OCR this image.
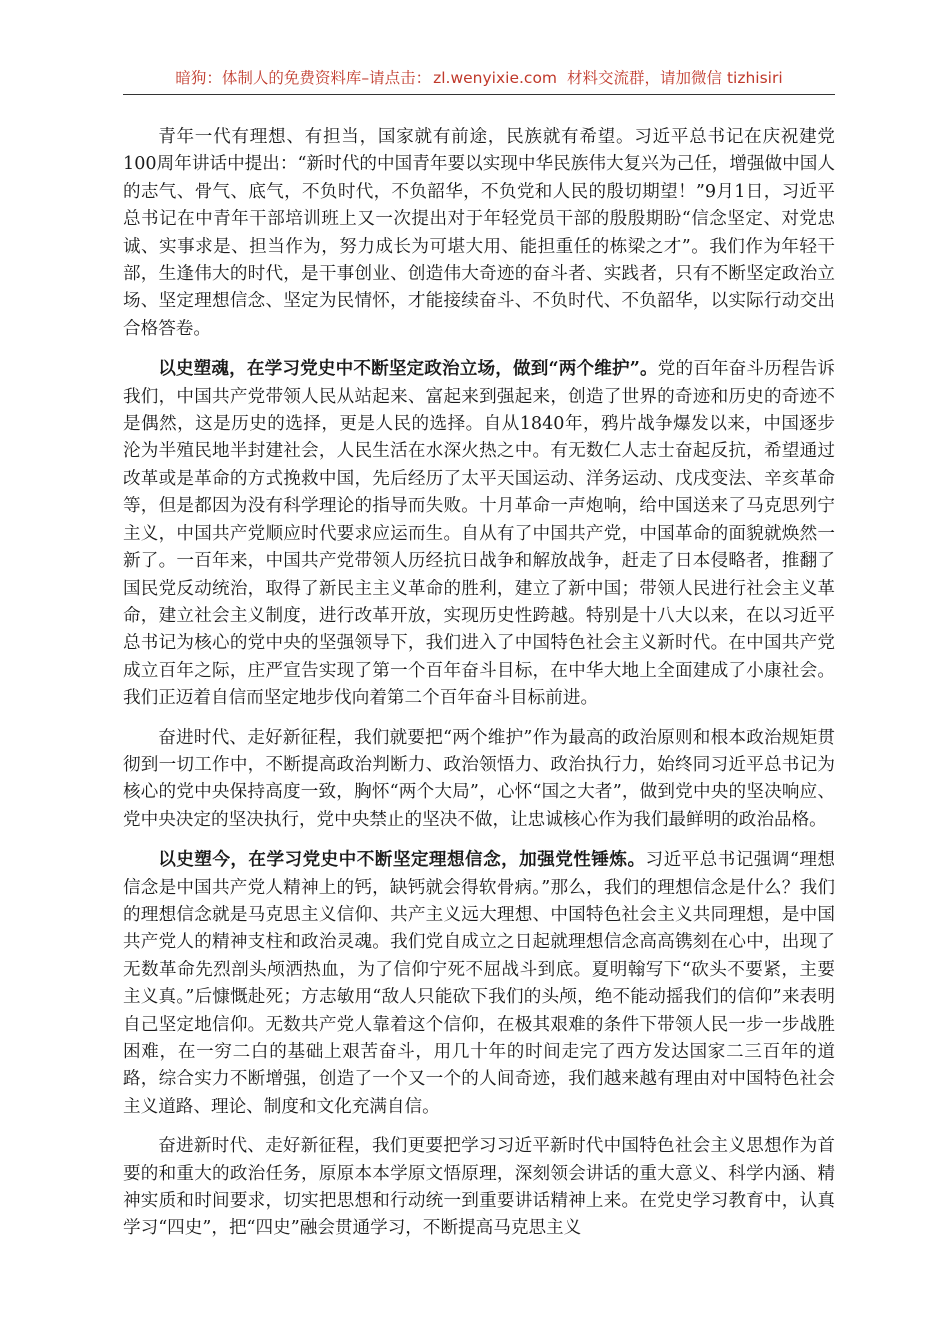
暗狗：体制人的免费资料库–请点击： zl.wenyixie.com 材料交流群，请加微信 tizhisiri

青年一代有理想、有担当，国家就有前途，民族就有希望。习近平总书记在庆祝建党100周年讲话中提出：“新时代的中国青年要以实现中华民族伟大复兴为己任，增强做中国人的志气、骨气、底气，不负时代，不负韶华，不负党和人民的殷切期望！”9月1日，习近平总书记在中青年干部培训班上又一次提出对于年轻党员干部的殷殷期盼“信念坚定、对党忠诚、实事求是、担当作为，努力成长为可堪大用、能担重任的栋梁之才”。我们作为年轻干部，生逢伟大的时代，是干事创业、创造伟大奇迹的奋斗者、实践者，只有不断坚定政治立场、坚定理想信念、坚定为民情怀，才能接续奋斗、不负时代、不负韶华，以实际行动交出合格答卷。

以史塑魂，在学习党史中不断坚定政治立场，做到“两个维护”。党的百年奋斗历程告诉我们，中国共产党带领人民从站起来、富起来到强起来，创造了世界的奇迹和历史的奇迹不是偶然，这是历史的选择，更是人民的选择。自从1840年，鸦片战争爆发以来，中国逐步沦为半殖民地半封建社会，人民生活在水深火热之中。有无数仁人志士奋起反抗，希望通过改革或是革命的方式挽救中国，先后经历了太平天国运动、洋务运动、戊戌变法、辛亥革命等，但是都因为没有科学理论的指导而失败。十月革命一声炮响，给中国送来了马克思列宁主义，中国共产党顺应时代要求应运而生。自从有了中国共产党，中国革命的面貌就焕然一新了。一百年来，中国共产党带领人历经抗日战争和解放战争，赶走了日本侵略者，推翻了国民党反动统治，取得了新民主主义革命的胜利，建立了新中国；带领人民进行社会主义革命，建立社会主义制度，进行改革开放，实现历史性跨越。特别是十八大以来，在以习近平总书记为核心的党中央的坚强领导下，我们进入了中国特色社会主义新时代。在中国共产党成立百年之际，庄严宣告实现了第一个百年奋斗目标，在中华大地上全面建成了小康社会。我们正迈着自信而坚定地步伐向着第二个百年奋斗目标前进。

奋进时代、走好新征程，我们就要把“两个维护”作为最高的政治原则和根本政治规矩贯彻到一切工作中，不断提高政治判断力、政治领悟力、政治执行力，始终同习近平总书记为核心的党中央保持高度一致，胸怀“两个大局”，心怀“国之大者”，做到党中央的坚决响应、党中央决定的坚决执行，党中央禁止的坚决不做，让忠诚核心作为我们最鲜明的政治品格。

以史塑今，在学习党史中不断坚定理想信念，加强党性锤炼。习近平总书记强调“理想信念是中国共产党人精神上的钙，缺钙就会得软骨病。”那么，我们的理想信念是什么？我们的理想信念就是马克思主义信仰、共产主义远大理想、中国特色社会主义共同理想，是中国共产党人的精神支柱和政治灵魂。我们党自成立之日起就理想信念高高镌刻在心中，出现了无数革命先烈剖头颅洒热血，为了信仰宁死不屈战斗到底。夏明翰写下“砍头不要紧，主要主义真。”后慷慨赴死；方志敏用“敌人只能砍下我们的头颅，绝不能动摇我们的信仰”来表明自己坚定地信仰。无数共产党人靠着这个信仰，在极其艰难的条件下带领人民一步一步战胜困难，在一穷二白的基础上艰苦奋斗，用几十年的时间走完了西方发达国家二三百年的道路，综合实力不断增强，创造了一个又一个的人间奇迹，我们越来越有理由对中国特色社会主义道路、理论、制度和文化充满自信。

奋进新时代、走好新征程，我们更要把学习习近平新时代中国特色社会主义思想作为首要的和重大的政治任务，原原本本学原文悟原理，深刻领会讲话的重大意义、科学内涵、精神实质和时间要求，切实把思想和行动统一到重要讲话精神上来。在党史学习教育中，认真学习“四史”，把“四史”融会贯通学习，不断提高马克思主义
